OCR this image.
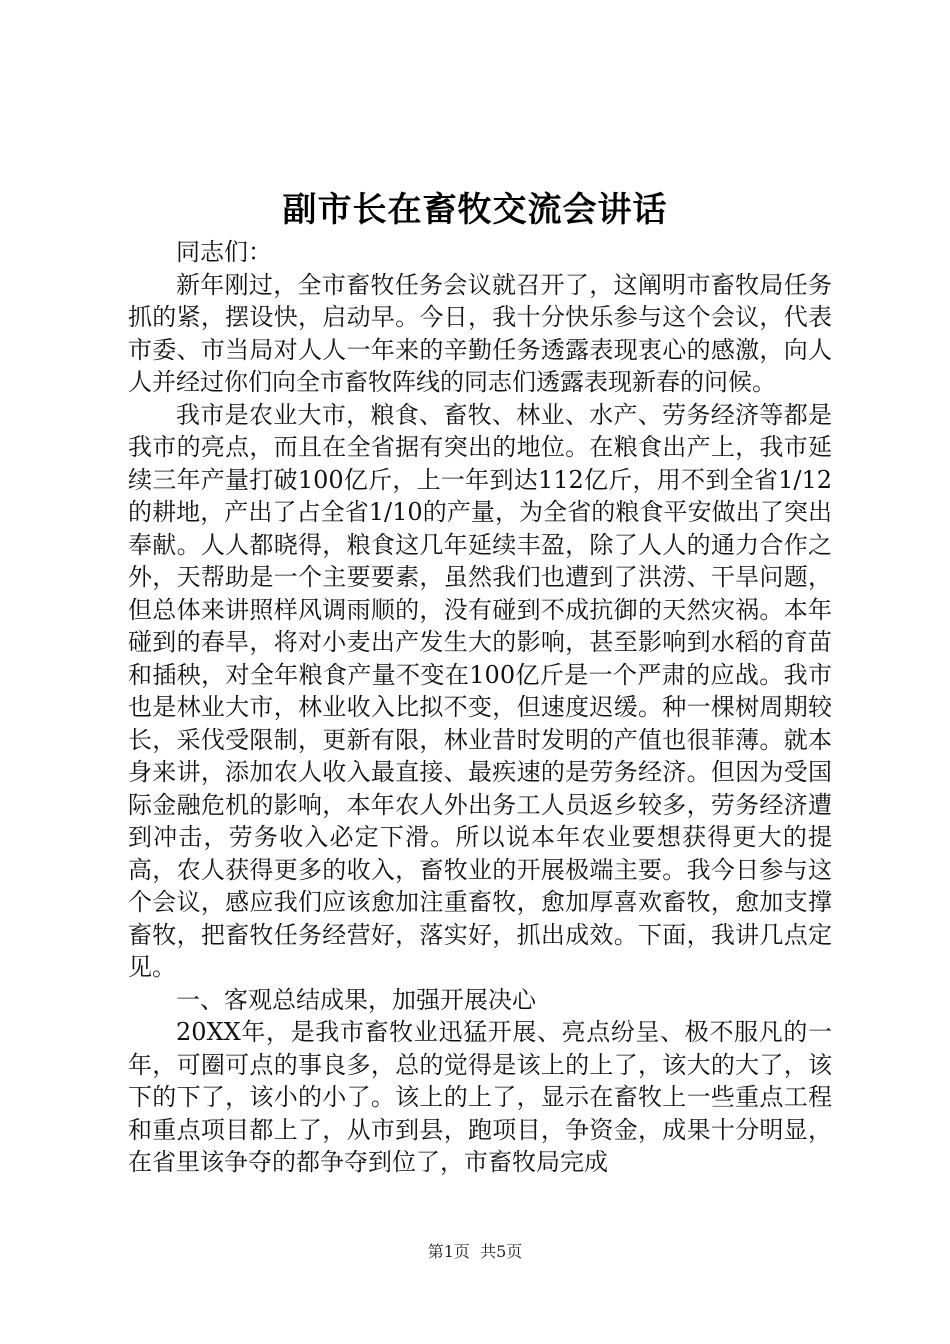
副市长在畜牧交流会讲话

同志们：

新年刚过，全市畜牧任务会议就召开了，这阐明市畜牧局任务抓的紧，摆设快，启动早。今日，我十分快乐参与这个会议，代表市委、市当局对人人一年来的辛勤任务透露表现衷心的感激，向人人并经过你们向全市畜牧阵线的同志们透露表现新春的问候。

我市是农业大市，粮食、畜牧、林业、水产、劳务经济等都是我市的亮点，而且在全省据有突出的地位。在粮食出产上，我市延续三年产量打破100亿斤，上一年到达112亿斤，用不到全省1/12的耕地，产出了占全省1/10的产量，为全省的粮食平安做出了突出奉献。人人都晓得，粮食这几年延续丰盈，除了人人的通力合作之外，天帮助是一个主要要素，虽然我们也遭到了洪涝、干旱问题，但总体来讲照样风调雨顺的，没有碰到不成抗御的天然灾祸。本年碰到的春旱，将对小麦出产发生大的影响，甚至影响到水稻的育苗和插秧，对全年粮食产量不变在100亿斤是一个严肃的应战。我市也是林业大市，林业收入比拟不变，但速度迟缓。种一棵树周期较长，采伐受限制，更新有限，林业昔时发明的产值也很菲薄。就本身来讲，添加农人收入最直接、最疾速的是劳务经济。但因为受国际金融危机的影响，本年农人外出务工人员返乡较多，劳务经济遭到冲击，劳务收入必定下滑。所以说本年农业要想获得更大的提高，农人获得更多的收入，畜牧业的开展极端主要。我今日参与这个会议，感应我们应该愈加注重畜牧，愈加厚喜欢畜牧，愈加支撑畜牧，把畜牧任务经营好，落实好，抓出成效。下面，我讲几点定见。

一、客观总结成果，加强开展决心

20XX年，是我市畜牧业迅猛开展、亮点纷呈、极不服凡的一年，可圈可点的事良多，总的觉得是该上的上了，该大的大了，该下的下了，该小的小了。该上的上了，显示在畜牧上一些重点工程和重点项目都上了，从市到县，跑项目，争资金，成果十分明显，在省里该争夺的都争夺到位了，市畜牧局完成

第1页 共5页
